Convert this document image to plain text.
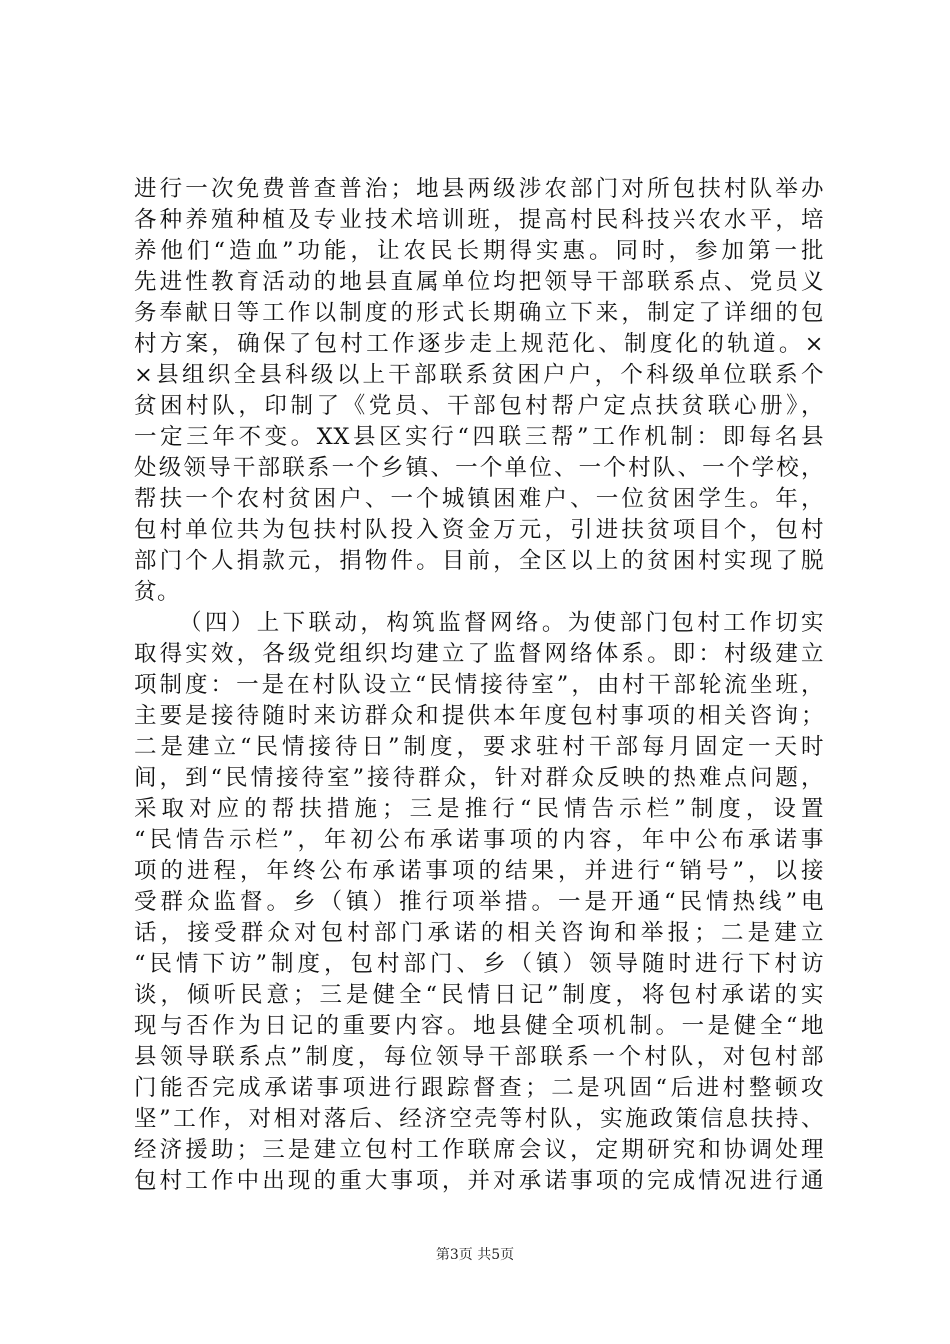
进行一次免费普查普治；地县两级涉农部门对所包扶村队举办
各种养殖种植及专业技术培训班，提高村民科技兴农水平，培
养他们“造血”功能，让农民长期得实惠。同时，参加第一批
先进性教育活动的地县直属单位均把领导干部联系点、党员义
务奉献日等工作以制度的形式长期确立下来，制定了详细的包
村方案，确保了包村工作逐步走上规范化、制度化的轨道。×
×县组织全县科级以上干部联系贫困户户，个科级单位联系个
贫困村队，印制了《党员、干部包村帮户定点扶贫联心册》，
一定三年不变。XX县区实行“四联三帮”工作机制：即每名县
处级领导干部联系一个乡镇、一个单位、一个村队、一个学校，
帮扶一个农村贫困户、一个城镇困难户、一位贫困学生。年，
包村单位共为包扶村队投入资金万元，引进扶贫项目个，包村
部门个人捐款元，捐物件。目前，全区以上的贫困村实现了脱
贫。
（四）上下联动，构筑监督网络。为使部门包村工作切实
取得实效，各级党组织均建立了监督网络体系。即：村级建立
项制度：一是在村队设立“民情接待室”，由村干部轮流坐班，
主要是接待随时来访群众和提供本年度包村事项的相关咨询；
二是建立“民情接待日”制度，要求驻村干部每月固定一天时
间，到“民情接待室”接待群众，针对群众反映的热难点问题，
采取对应的帮扶措施；三是推行“民情告示栏”制度，设置
“民情告示栏”，年初公布承诺事项的内容，年中公布承诺事
项的进程，年终公布承诺事项的结果，并进行“销号”，以接
受群众监督。乡（镇）推行项举措。一是开通“民情热线”电
话，接受群众对包村部门承诺的相关咨询和举报；二是建立
“民情下访”制度，包村部门、乡（镇）领导随时进行下村访
谈，倾听民意；三是健全“民情日记”制度，将包村承诺的实
现与否作为日记的重要内容。地县健全项机制。一是健全“地
县领导联系点”制度，每位领导干部联系一个村队，对包村部
门能否完成承诺事项进行跟踪督查；二是巩固“后进村整顿攻
坚”工作，对相对落后、经济空壳等村队，实施政策信息扶持、
经济援助；三是建立包村工作联席会议，定期研究和协调处理
包村工作中出现的重大事项，并对承诺事项的完成情况进行通
第3页 共5页
